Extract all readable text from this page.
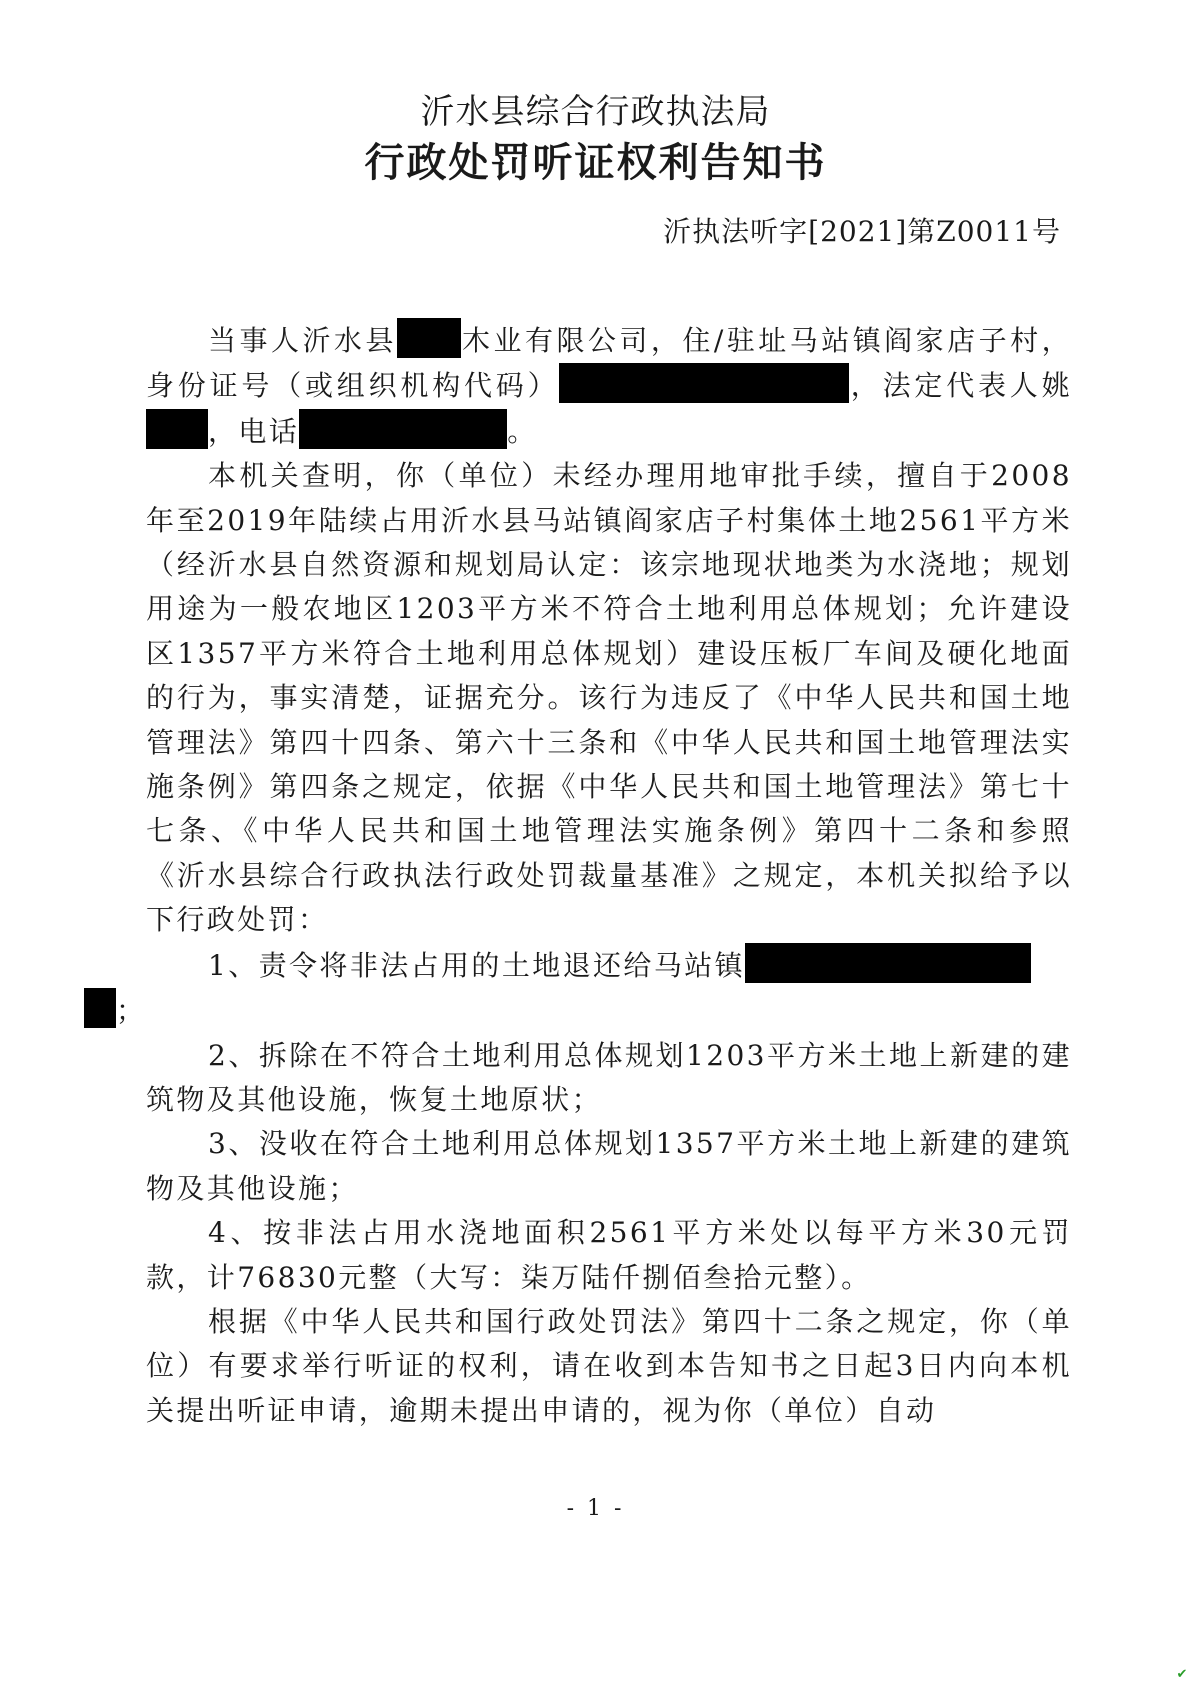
沂水县综合行政执法局
行政处罚听证权利告知书
沂执法听字[2021]第Z0011号

当事人沂水县 木业有限公司，住/驻址马站镇阎家店子村，身份证号（或组织机构代码）	，法定代表人姚，电话	。

本机关查明，你（单位）未经办理用地审批手续，擅自于2008年至2019年陆续占用沂水县马站镇阎家店子村集体土地2561平方米（经沂水县自然资源和规划局认定：该宗地现状地类为水浇地；规划用途为一般农地区1203平方米不符合土地利用总体规划；允许建设区1357平方米符合土地利用总体规划）建设压板厂车间及硬化地面的行为，事实清楚，证据充分。该行为违反了《中华人民共和国土地管理法》第四十四条、第六十三条和《中华人民共和国土地管理法实施条例》第四条之规定，依据《中华人民共和国土地管理法》第七十七条、《中华人民共和国土地管理法实施条例》第四十二条和参照《沂水县综合行政执法行政处罚裁量基准》之规定，本机关拟给予以下行政处罚：

1、责令将非法占用的土地退还给马站镇
；

2、拆除在不符合土地利用总体规划1203平方米土地上新建的建筑物及其他设施，恢复土地原状；

3、没收在符合土地利用总体规划1357平方米土地上新建的建筑物及其他设施；

4、按非法占用水浇地面积2561平方米处以每平方米30元罚款，计76830元整（大写：柒万陆仟捌佰叁拾元整）。

根据《中华人民共和国行政处罚法》第四十二条之规定，你（单位）有要求举行听证的权利，请在收到本告知书之日起3日内向本机关提出听证申请，逾期未提出申请的，视为你（单位）自动

- 1 -
✔
